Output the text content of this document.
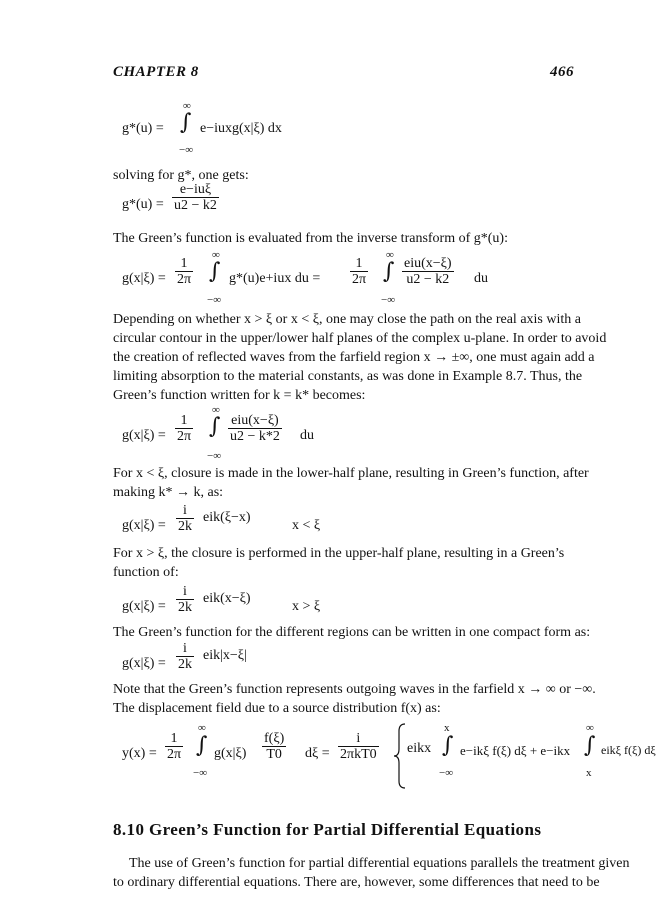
CHAPTER 8	466
g*(u) =
∞
∫
−∞
e−iuxg(x|ξ) dx
solving for g*, one gets:
g*(u) =
e−iuξ
u2 − k2
The Green’s function is evaluated from the inverse transform of g*(u):
$g(x|\xi) = \frac{1}{2\pi}$
∞
∫
−∞
g*(u)e+iux du = $\frac{1}{2\pi}$
∞
∫
−∞
eiu(x−ξ)
u2 − k2	du
Depending on whether x > ξ or x < ξ, one may close the path on the real axis with a
circular contour in the upper/lower half planes of the complex u-plane. In order to avoid
the creation of reflected waves from the farfield region x → ±∞, one must again add a
limiting absorption to the material constants, as was done in Example 8.7. Thus, the
Green’s function written for k = k* becomes:
$g(x|\xi) = \frac{1}{2\pi}$
∞
∫
−∞
eiu(x−ξ)
u2 − k*2 du
For x < ξ, closure is made in the lower-half plane, resulting in Green’s function, after
making k* → k, as:
$g(x|\xi) = \frac{i}{2k} eik(\xi-x)$
x < ξ
For x > ξ, the closure is performed in the upper-half plane, resulting in a Green’s
function of:
$g(x|\xi) = \frac{i}{2k} eik(x-\xi)$
x > ξ
The Green’s function for the different regions can be written in one compact form as:
$g(x|\xi) = \frac{i}{2k} eik|x-\xi|$
Note that the Green’s function represents outgoing waves in the farfield x → ∞ or −∞.
The displacement field due to a source distribution f(x) as:
$y(x) = \frac{1}{2\pi}$
∞
∫
−∞
$g(x|\xi) \frac{f(\xi)}{T0}$ dξ =
i
2πkT0 eikx
x
∫
−∞
e−ikξ f(ξ) dξ + e−ikx
∞
∫
x
eikξ f(ξ) dξ
8.10 Green’s Function for Partial Differential Equations
The use of Green’s function for partial differential equations parallels the treatment given
to ordinary differential equations. There are, however, some differences that need to be
